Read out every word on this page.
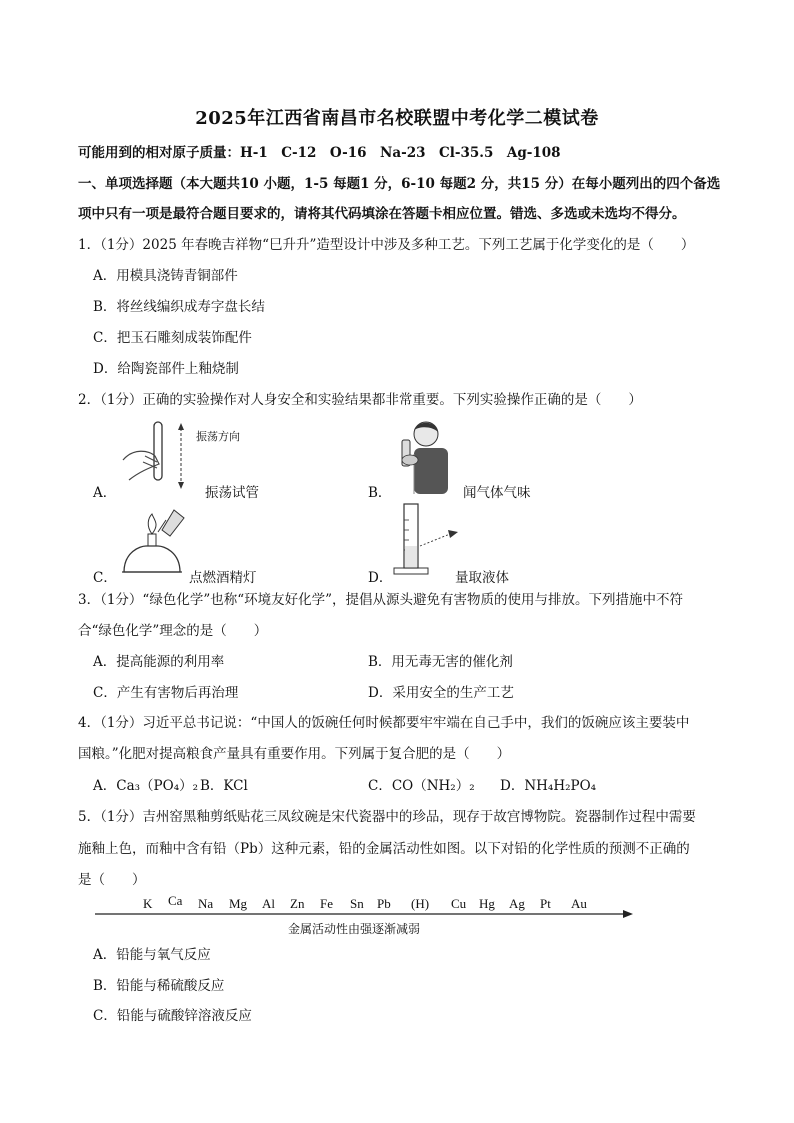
2025年江西省南昌市名校联盟中考化学二模试卷
可能用到的相对原子质量：H-1　C-12　O-16　Na-23　Cl-35.5　Ag-108
一、单项选择题（本大题共10 小题，1-5 每题1 分，6-10 每题2 分，共15 分）在每小题列出的四个备选
项中只有一项是最符合题目要求的，请将其代码填涂在答题卡相应位置。错选、多选或未选均不得分。
1．（1分）2025 年春晚吉祥物“巳升升”造型设计中涉及多种工艺。下列工艺属于化学变化的是（　　）
A．用模具浇铸青铜部件
B．将丝线编织成寿字盘长结
C．把玉石雕刻成装饰配件
D．给陶瓷部件上釉烧制
2．（1分）正确的实验操作对人身安全和实验结果都非常重要。下列实验操作正确的是（　　）
振荡方向
A．	振荡试管	B．	闻气体气味
C．	点燃酒精灯	D．	量取液体
3．（1分）“绿色化学”也称“环境友好化学”，提倡从源头避免有害物质的使用与排放。下列措施中不符
合“绿色化学”理念的是（　　）
A．提高能源的利用率	B．用无毒无害的催化剂
C．产生有害物后再治理	D．采用安全的生产工艺
4．（1分）习近平总书记说：“中国人的饭碗任何时候都要牢牢端在自己手中，我们的饭碗应该主要装中
国粮。”化肥对提高粮食产量具有重要作用。下列属于复合肥的是（　　）
A．Ca₃（PO₄）₂ B．KCl	C．CO（NH₂）₂ D．NH₄H₂PO₄
5．（1分）吉州窑黑釉剪纸贴花三凤纹碗是宋代瓷器中的珍品，现存于故宫博物院。瓷器制作过程中需要
施釉上色，而釉中含有铅（Pb）这种元素，铅的金属活动性如图。以下对铅的化学性质的预测不正确的
是（　　）
K Ca Na Mg Al Zn Fe Sn Pb (H) Cu Hg Ag Pt Au
金属活动性由强逐渐减弱
A．铅能与氧气反应
B．铅能与稀硫酸反应
C．铅能与硫酸锌溶液反应
